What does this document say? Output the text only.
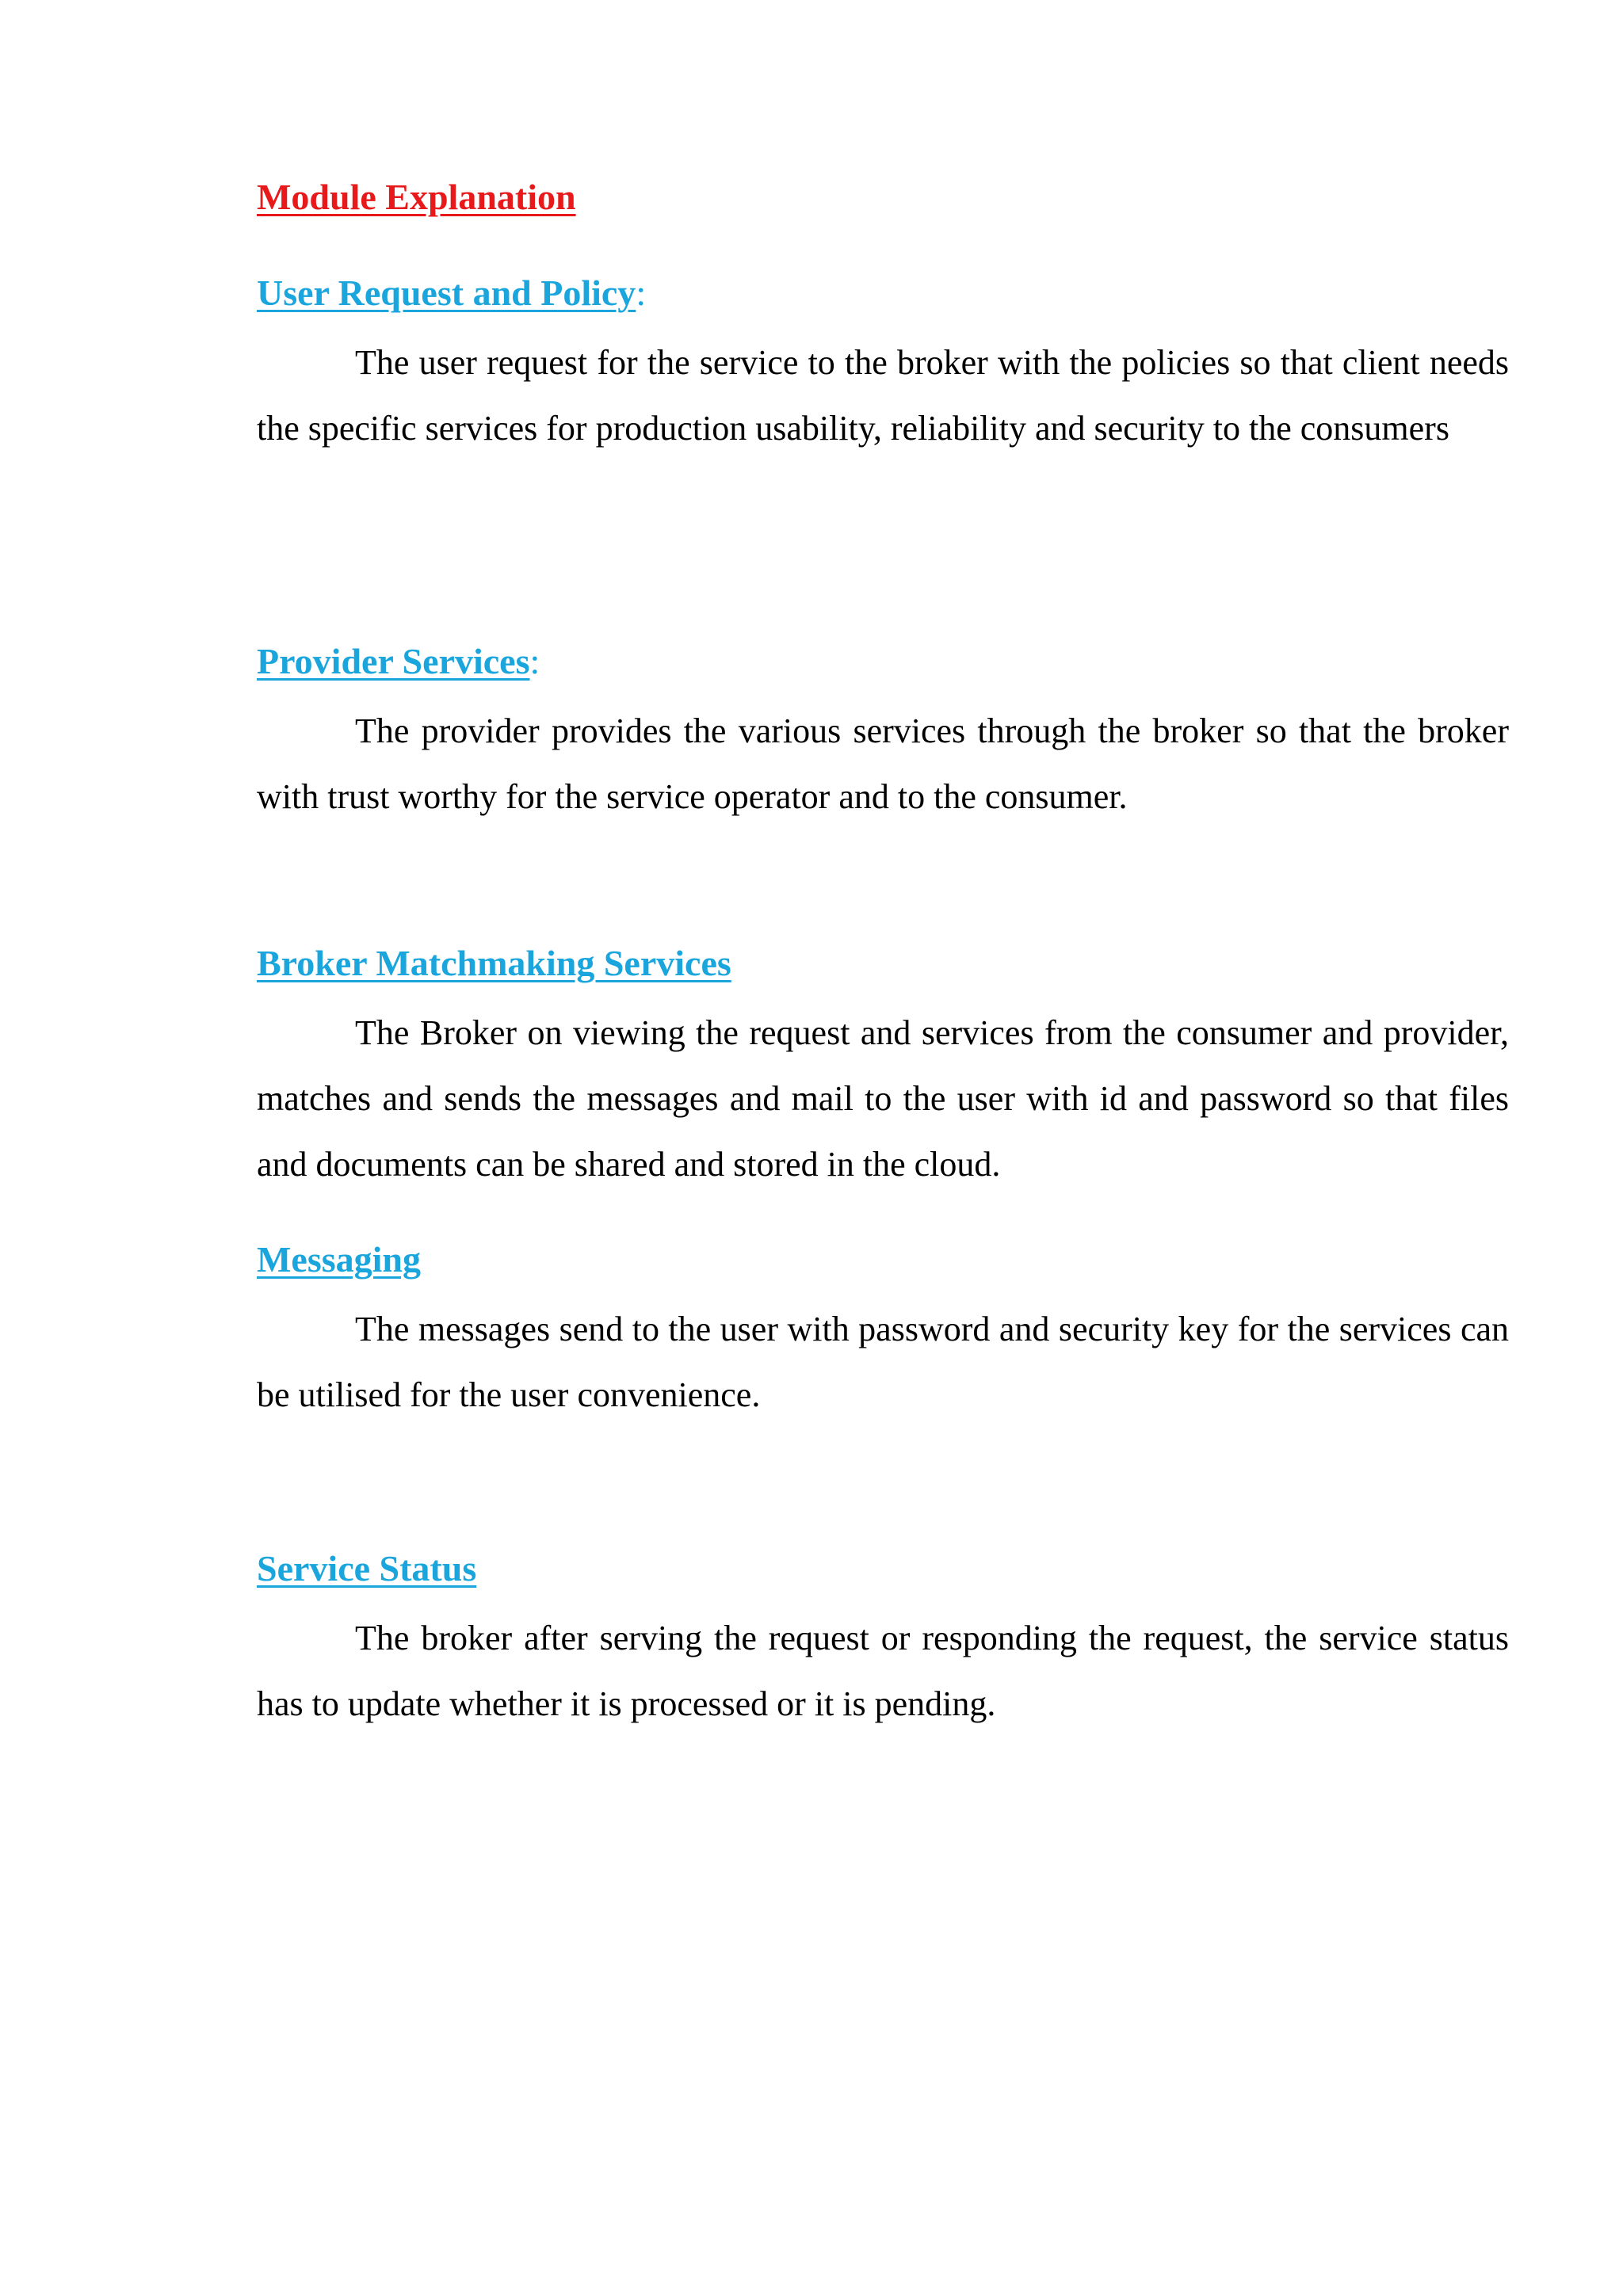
Module Explanation
User Request and Policy:

The user request for the service to the broker with the policies so that client needs the specific services for production usability, reliability and security to the consumers

Provider Services:

The provider provides the various services through the broker so that the broker with trust worthy for the service operator and to the consumer.

Broker Matchmaking Services

The Broker on viewing the request and services from the consumer and provider, matches and sends the messages and mail to the user with id and password so that files and documents can be shared and stored in the cloud.

Messaging

The messages send to the user with password and security key for the services can be utilised for the user convenience.

Service Status

The broker after serving the request or responding the request, the service status has to update whether it is processed or it is pending.
